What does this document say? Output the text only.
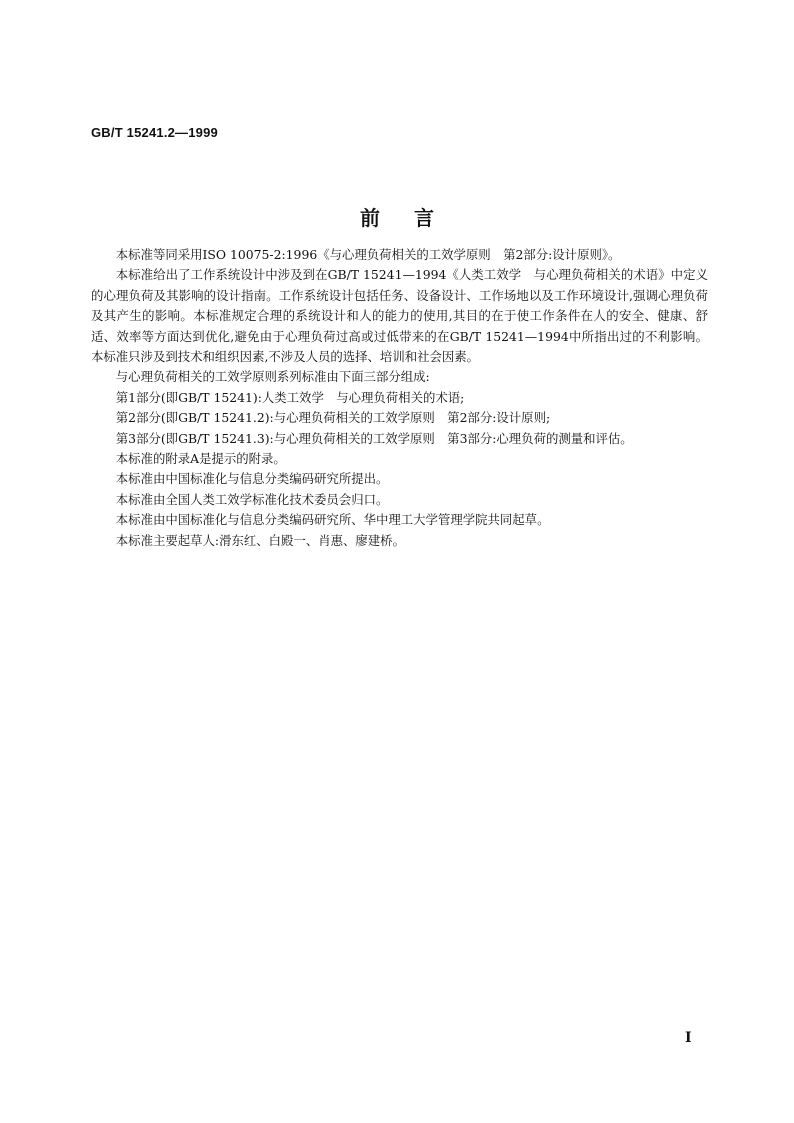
GB/T 15241.2—1999
前言

本标准等同采用ISO 10075-2:1996《与心理负荷相关的工效学原则　第2部分:设计原则》。

本标准给出了工作系统设计中涉及到在GB/T 15241—1994《人类工效学　与心理负荷相关的术语》中定义的心理负荷及其影响的设计指南。工作系统设计包括任务、设备设计、工作场地以及工作环境设计,强调心理负荷及其产生的影响。本标准规定合理的系统设计和人的能力的使用,其目的在于使工作条件在人的安全、健康、舒适、效率等方面达到优化,避免由于心理负荷过高或过低带来的在GB/T 15241—1994中所指出过的不利影响。本标准只涉及到技术和组织因素,不涉及人员的选择、培训和社会因素。

与心理负荷相关的工效学原则系列标准由下面三部分组成:

第1部分(即GB/T 15241):人类工效学　与心理负荷相关的术语;

第2部分(即GB/T 15241.2):与心理负荷相关的工效学原则　第2部分:设计原则;

第3部分(即GB/T 15241.3):与心理负荷相关的工效学原则　第3部分:心理负荷的测量和评估。

本标准的附录A是提示的附录。

本标准由中国标准化与信息分类编码研究所提出。

本标准由全国人类工效学标准化技术委员会归口。

本标准由中国标准化与信息分类编码研究所、华中理工大学管理学院共同起草。

本标准主要起草人:滑东红、白殿一、肖惠、廖建桥。

I
